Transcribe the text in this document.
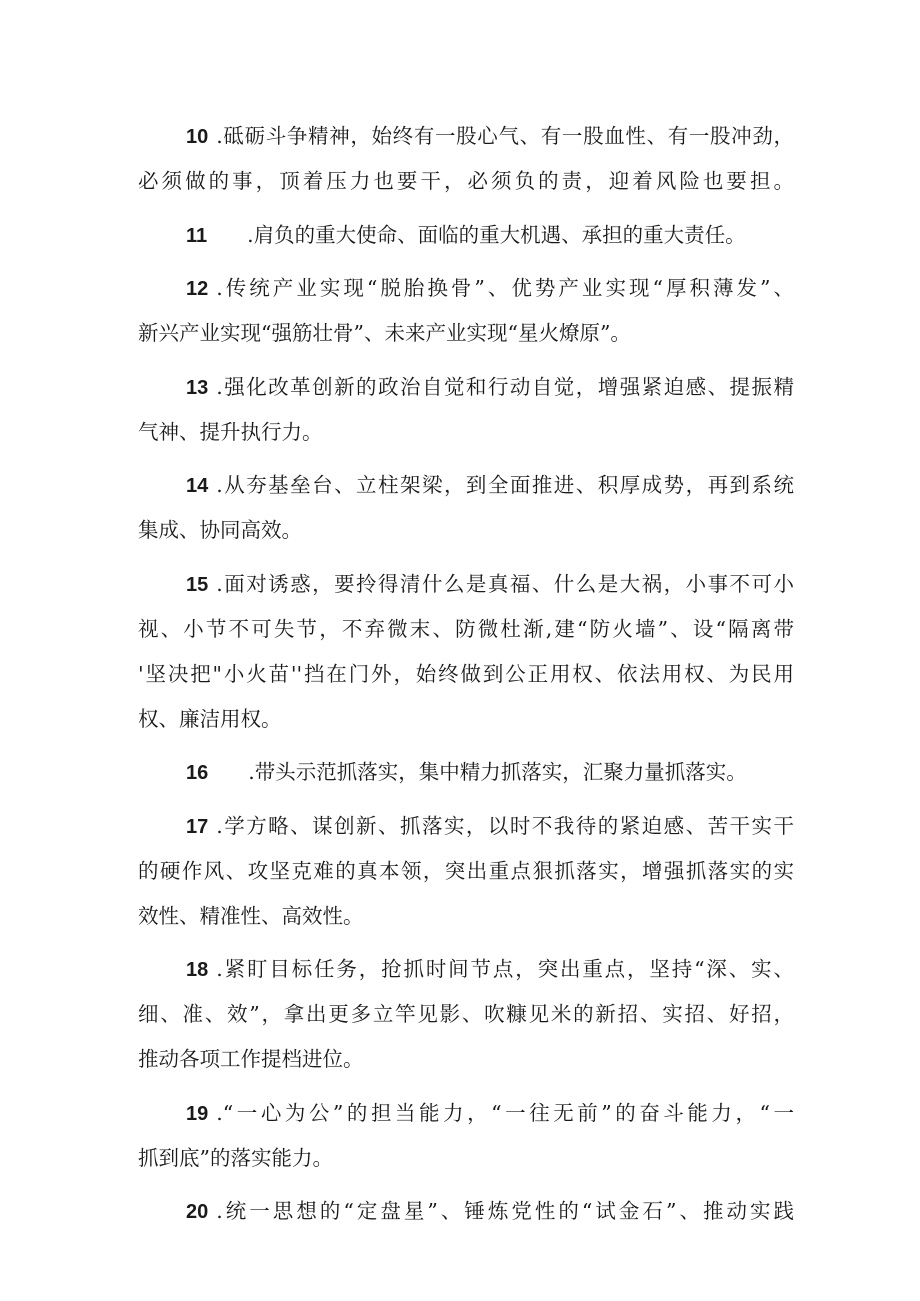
10 .砥砺斗争精神，始终有一股心气、有一股血性、有一股冲劲，
必须做的事，顶着压力也要干，必须负的责，迎着风险也要担。
11 .肩负的重大使命、面临的重大机遇、承担的重大责任。
12 .传统产业实现“脱胎换骨”、优势产业实现“厚积薄发”、
新兴产业实现“强筋壮骨”、未来产业实现“星火燎原”。
13 .强化改革创新的政治自觉和行动自觉，增强紧迫感、提振精
气神、提升执行力。
14 .从夯基垒台、立柱架梁，到全面推进、积厚成势，再到系统
集成、协同高效。
15 .面对诱惑，要拎得清什么是真福、什么是大祸，小事不可小
视、小节不可失节，不弃微末、防微杜渐,建“防火墙”、设“隔离带
'坚决把"小火苗''挡在门外，始终做到公正用权、依法用权、为民用
权、廉洁用权。
16 .带头示范抓落实，集中精力抓落实，汇聚力量抓落实。
17 .学方略、谋创新、抓落实，以时不我待的紧迫感、苦干实干
的硬作风、攻坚克难的真本领，突出重点狠抓落实，增强抓落实的实
效性、精准性、高效性。
18 .紧盯目标任务，抢抓时间节点，突出重点，坚持“深、实、
细、准、效”，拿出更多立竿见影、吹糠见米的新招、实招、好招，
推动各项工作提档进位。
19 .“一心为公”的担当能力，“一往无前”的奋斗能力，“一
抓到底”的落实能力。
20 .统一思想的“定盘星”、锤炼党性的“试金石”、推动实践
